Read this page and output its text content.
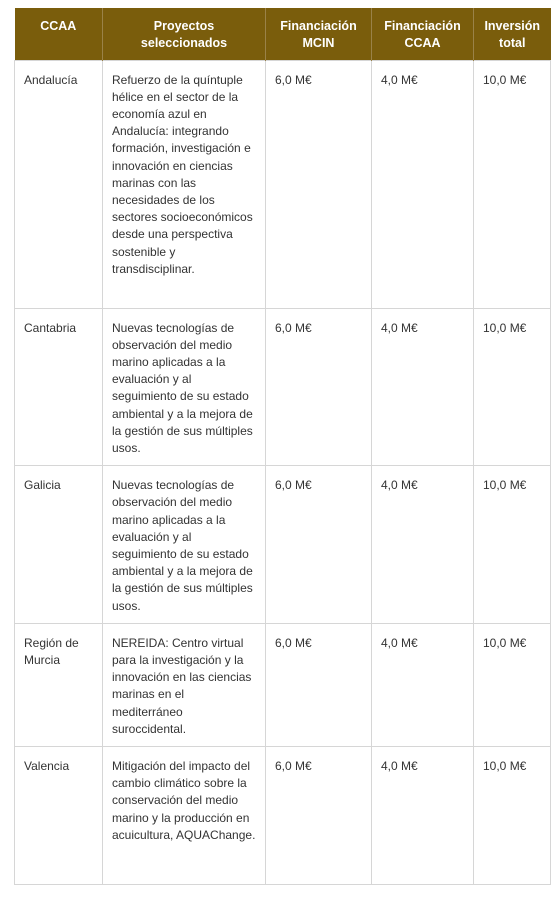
CCAA	Proyectos seleccionados	Financiación MCIN	Financiación CCAA	Inversión total
Andalucía	Refuerzo de la quíntuple hélice en el sector de la economía azul en Andalucía: integrando formación, investigación e innovación en ciencias marinas con las necesidades de los sectores socioeconómicos desde una perspectiva sostenible y transdisciplinar.	6,0 M€	4,0 M€	10,0 M€
Cantabria	Nuevas tecnologías de observación del medio marino aplicadas a la evaluación y al seguimiento de su estado ambiental y a la mejora de la gestión de sus múltiples usos.	6,0 M€	4,0 M€	10,0 M€
Galicia	Nuevas tecnologías de observación del medio marino aplicadas a la evaluación y al seguimiento de su estado ambiental y a la mejora de la gestión de sus múltiples usos.	6,0 M€	4,0 M€	10,0 M€
Región de Murcia	NEREIDA: Centro virtual para la investigación y la innovación en las ciencias marinas en el mediterráneo suroccidental.	6,0 M€	4,0 M€	10,0 M€
Valencia	Mitigación del impacto del cambio climático sobre la conservación del medio marino y la producción en acuicultura, AQUAChange.	6,0 M€	4,0 M€	10,0 M€
